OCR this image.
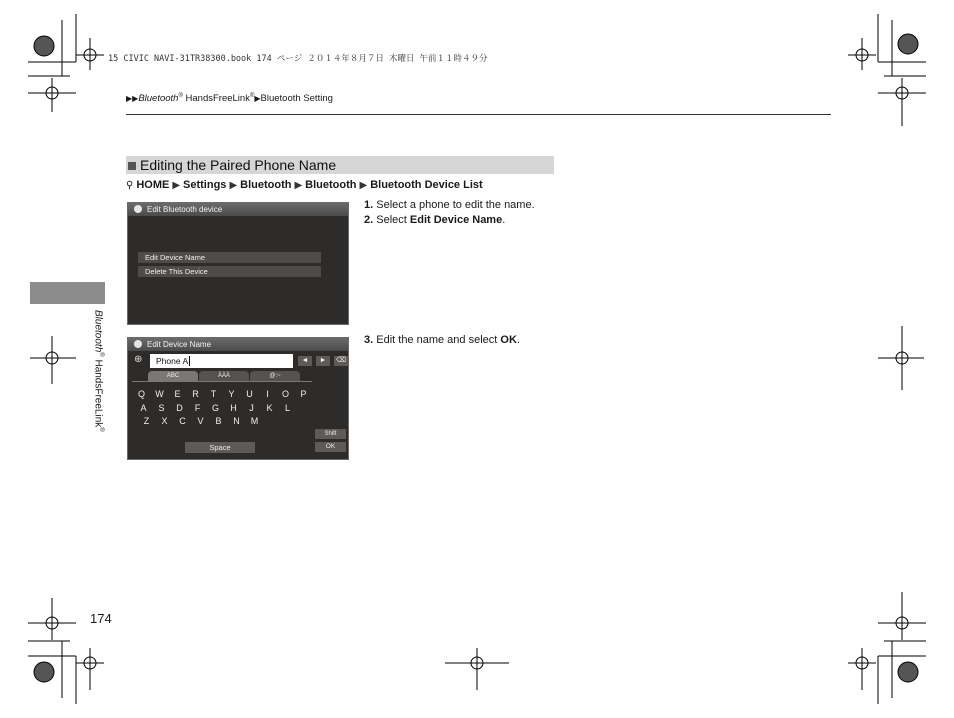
15 CIVIC NAVI-31TR38300.book 174 ページ ２０１４年８月７日 木曜日 午前１１時４９分
▶▶Bluetooth® HandsFreeLink®▶Bluetooth Setting
Bluetooth® HandsFreeLink®
Editing the Paired Phone Name
⚲ HOME ▶ Settings ▶ Bluetooth ▶ Bluetooth ▶ Bluetooth Device List
1. Select a phone to edit the name.
2. Select Edit Device Name.
3. Edit the name and select OK.
Edit Bluetooth device
Edit Device Name
Delete This Device
Edit Device Name
⊕	Phone A	◄	►	⌫
ABC	ÀÀÀ	@:~
Q	W	E	R	T	Y	U	I	O	P
A	S	D	F	G	H	J	K	L
Z	X	C	V	B	N	M
Shift
OK
Space
174
